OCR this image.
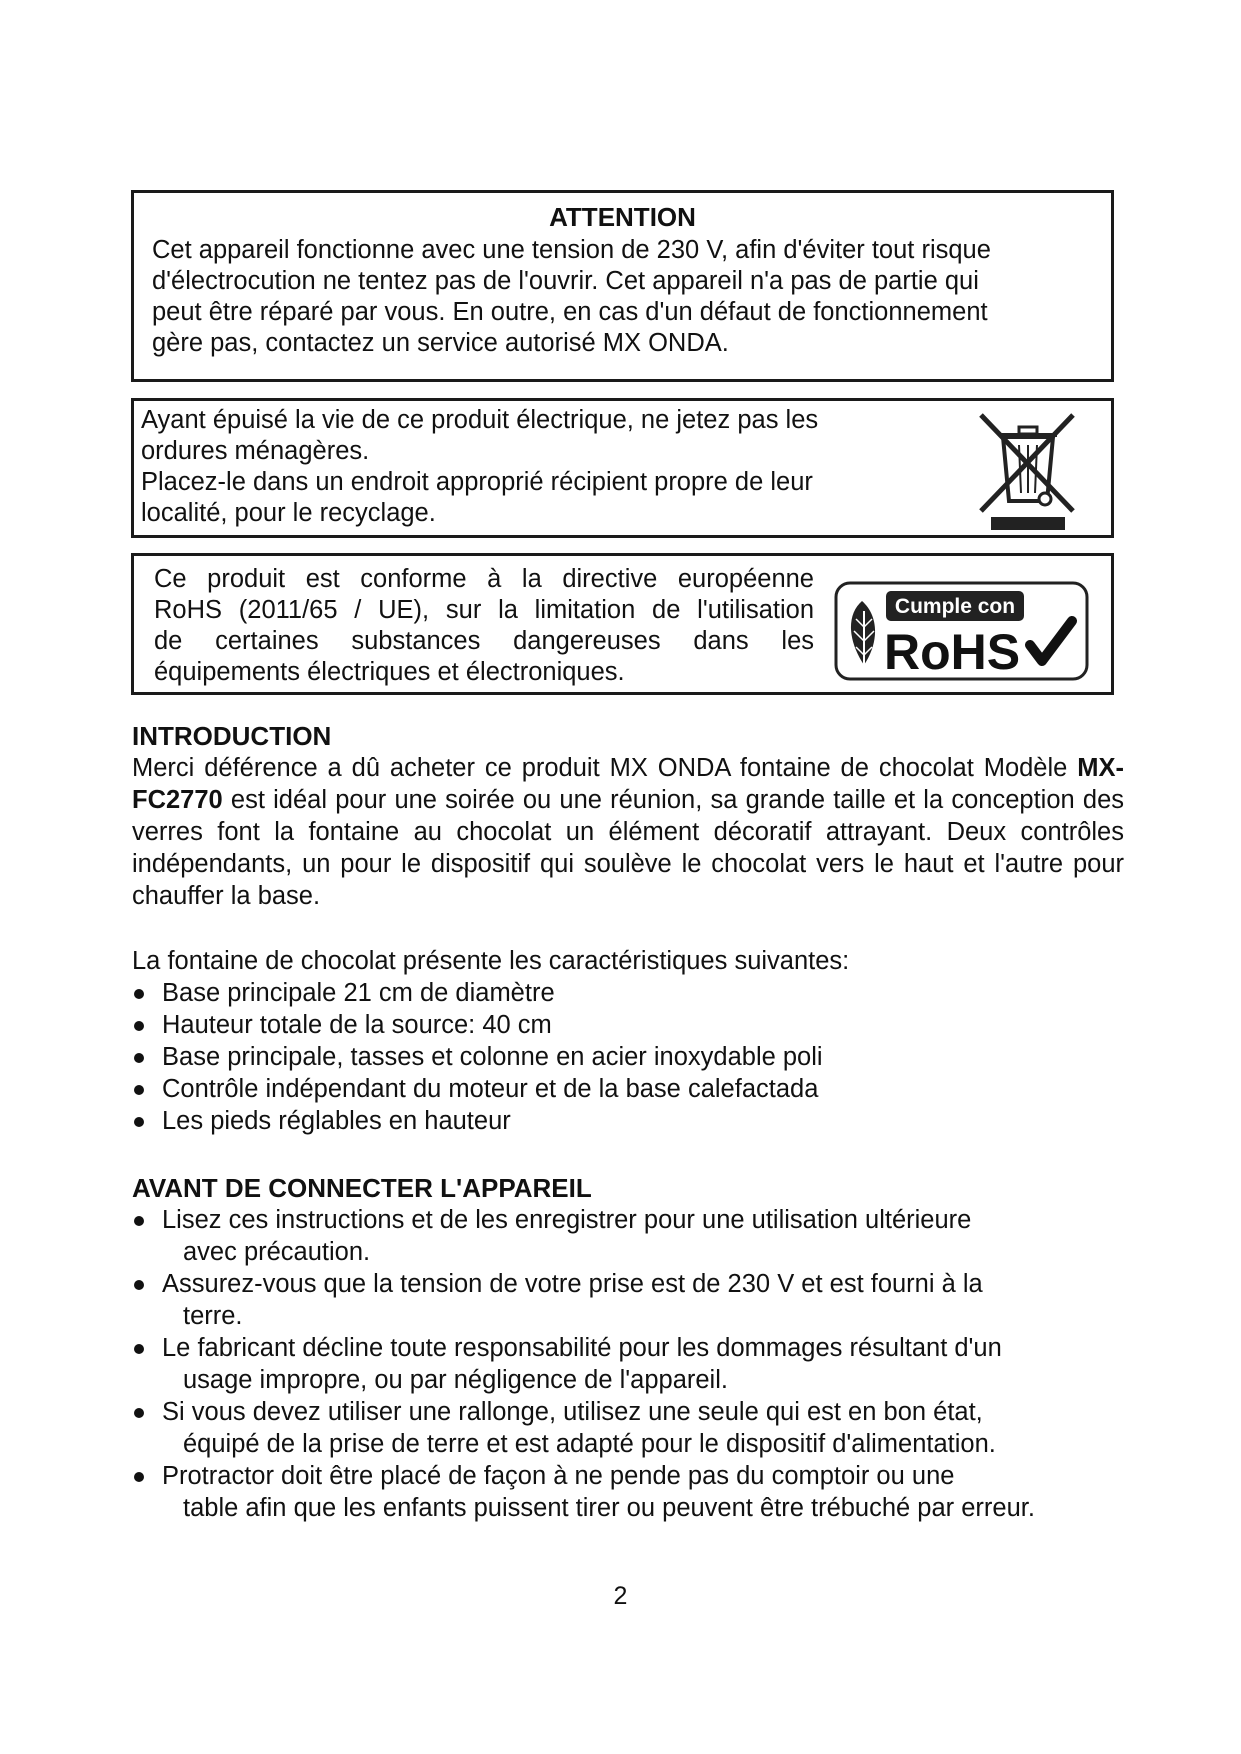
ATTENTION

Cet appareil fonctionne avec une tension de 230 V, afin d'éviter tout risque

d'électrocution ne tentez pas de l'ouvrir. Cet appareil n'a pas de partie qui

peut être réparé par vous. En outre, en cas d'un défaut de fonctionnement

gère pas, contactez un service autorisé MX ONDA.

Ayant épuisé la vie de ce produit électrique, ne jetez pas les

ordures ménagères.

Placez-le dans un endroit approprié récipient propre de leur

localité, pour le recyclage.

Ce produit est conforme à la directive européenne

RoHS (2011/65 / UE), sur la limitation de l'utilisation

de certaines substances dangereuses dans les

équipements électriques et électroniques.

Cumple con
RoHS

INTRODUCTION

Merci déférence a dû acheter ce produit MX ONDA fontaine de chocolat Modèle MX-FC2770 est idéal pour une soirée ou une réunion, sa grande taille et la conception des verres font la fontaine au chocolat un élément décoratif attrayant. Deux contrôles indépendants, un pour le dispositif qui soulève le chocolat vers le haut et l'autre pour chauffer la base.

La fontaine de chocolat présente les caractéristiques suivantes:

Base principale 21 cm de diamètre
Hauteur totale de la source: 40 cm
Base principale, tasses et colonne en acier inoxydable poli
Contrôle indépendant du moteur et de la base calefactada
Les pieds réglables en hauteur

AVANT DE CONNECTER L'APPAREIL

Lisez ces instructions et de les enregistrer pour une utilisation ultérieure
avec précaution.
Assurez-vous que la tension de votre prise est de 230 V et est fourni à la
terre.
Le fabricant décline toute responsabilité pour les dommages résultant d'un
usage impropre, ou par négligence de l'appareil.
Si vous devez utiliser une rallonge, utilisez une seule qui est en bon état,
équipé de la prise de terre et est adapté pour le dispositif d'alimentation.
Protractor doit être placé de façon à ne pende pas du comptoir ou une
table afin que les enfants puissent tirer ou peuvent être trébuché par erreur.
2
